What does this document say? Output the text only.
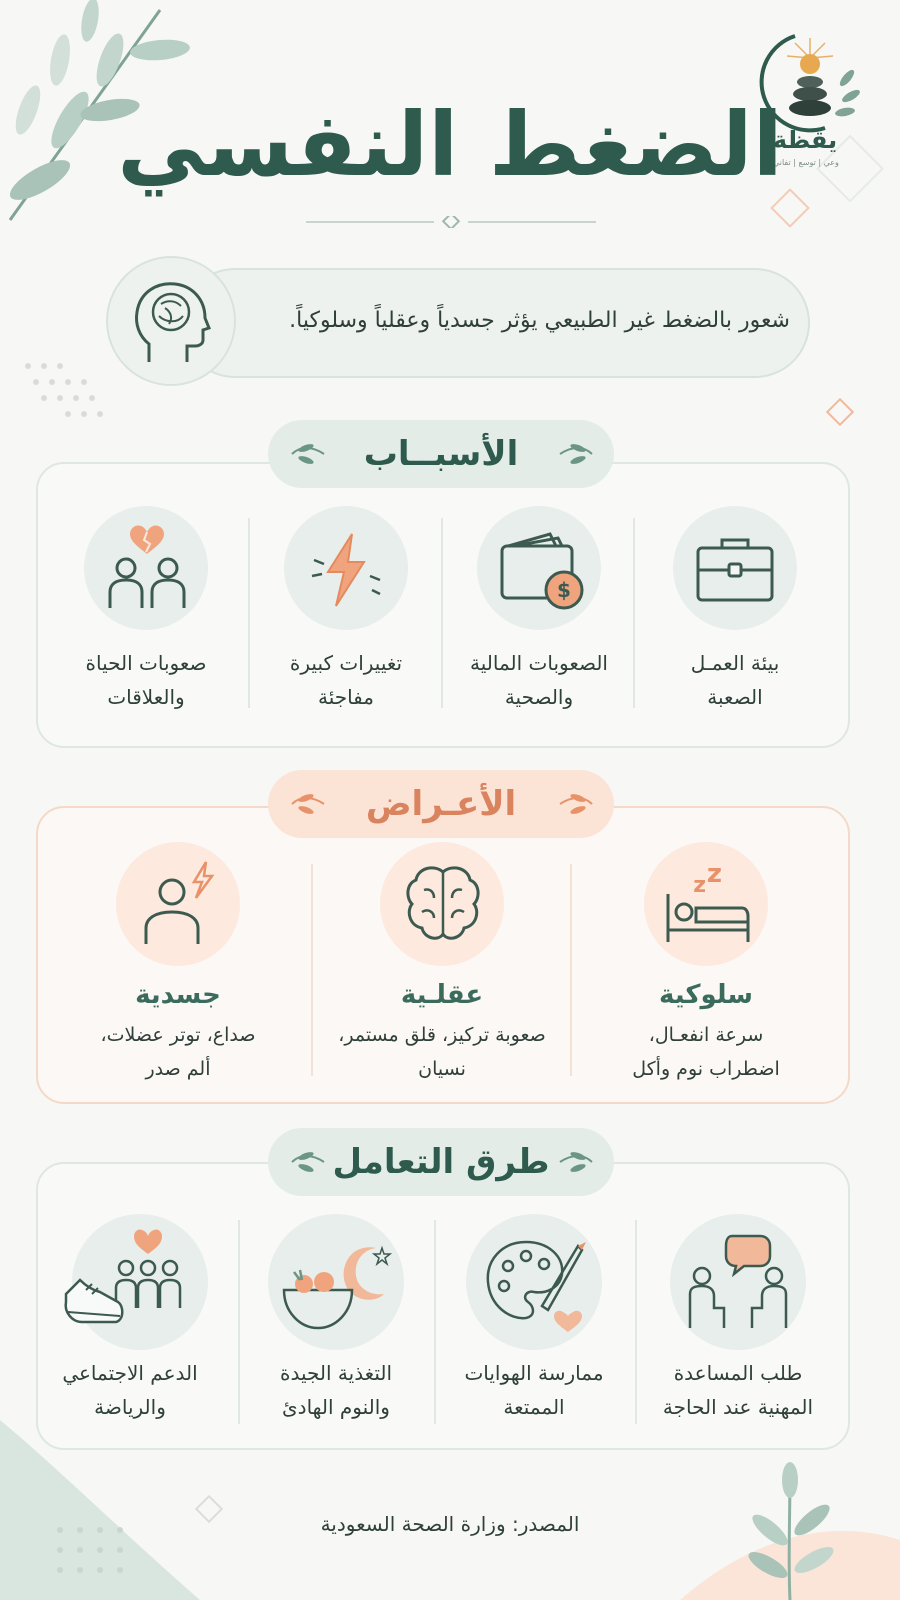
يقظة
وعي | توسع | تفاني
الضغط النفسي

شعور بالضغط غير الطبيعي يؤثر جسدياً وعقلياً وسلوكياً.

الأسبــاب
بيئة العمـل
الصعبة
$
الصعوبات المالية
والصحية
تغييرات كبيرة
مفاجئة
صعوبات الحياة
والعلاقات
الأعـراض
z z
سلوكية
سرعة انفعـال،
اضطراب نوم وأكل
عقلـية
صعوبة تركيز، قلق مستمر،
نسيان
جسدية
صداع، توتر عضلات،
ألم صدر
طرق التعامل
طلب المساعدة
المهنية عند الحاجة
ممارسة الهوايات
الممتعة
التغذية الجيدة
والنوم الهادئ
الدعم الاجتماعي
والرياضة

المصدر: وزارة الصحة السعودية
